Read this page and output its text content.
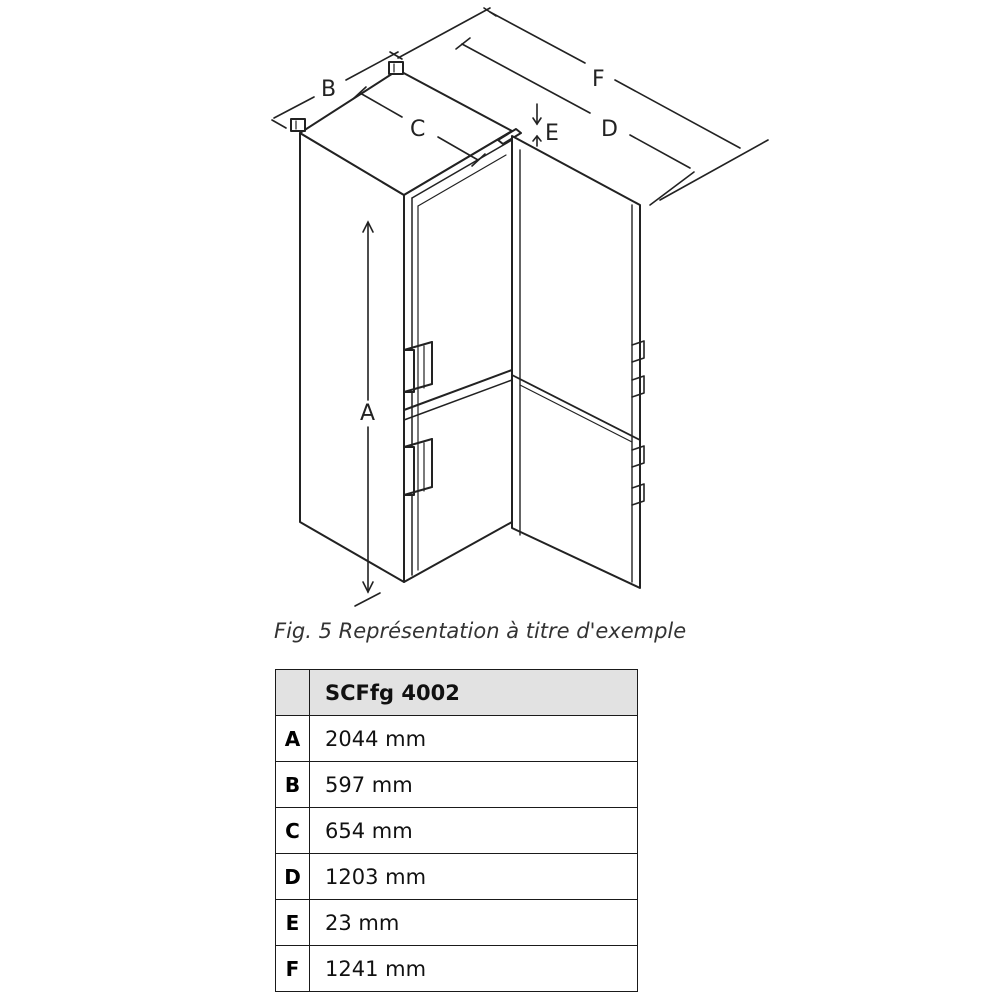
A
B
C	D
E
F
Fig. 5 Représentation à titre d'exemple
	SCFfg 4002
A	2044 mm
B	597 mm
C	654 mm
D	1203 mm
E	23 mm
F	1241 mm
